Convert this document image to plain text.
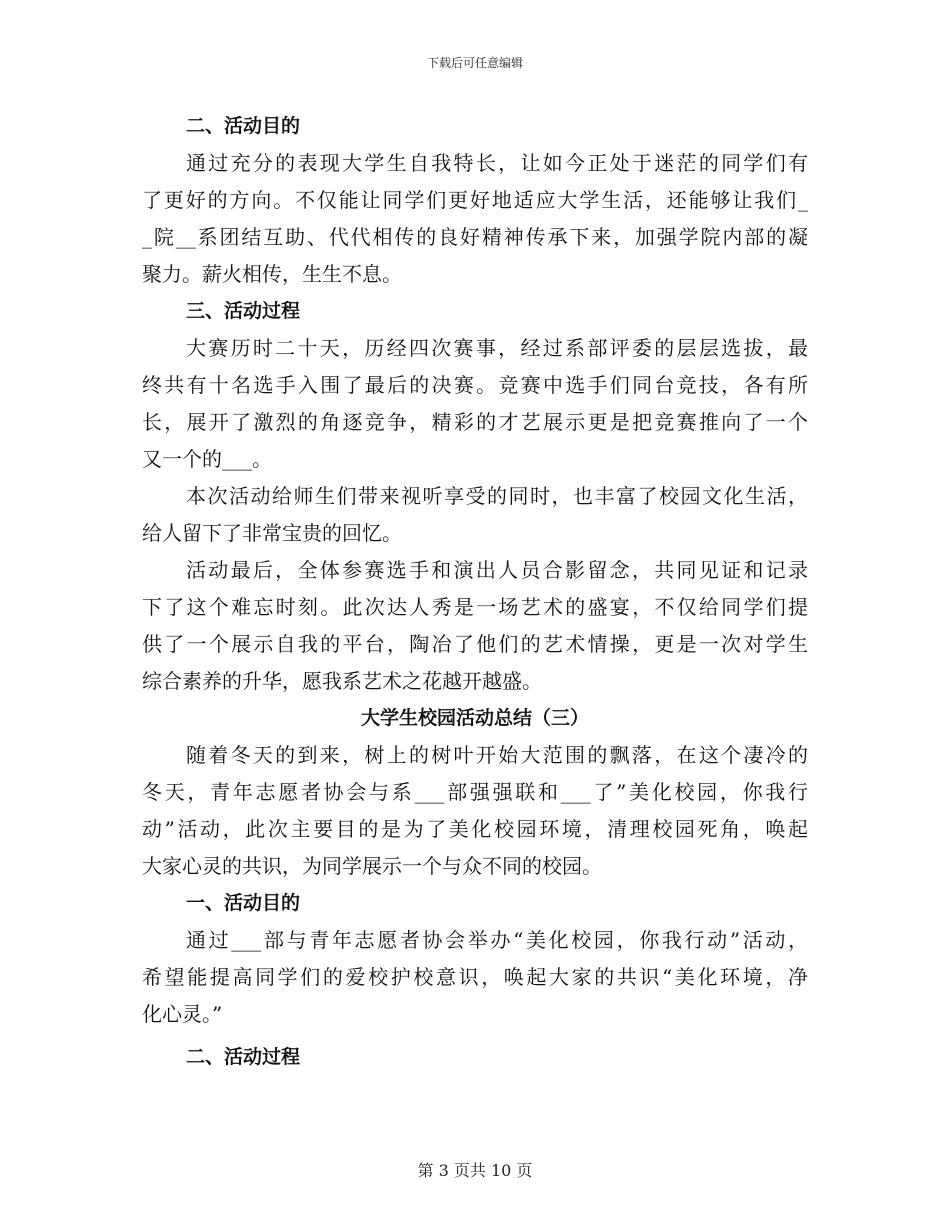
下载后可任意编辑
二、活动目的
通过充分的表现大学生自我特长，让如今正处于迷茫的同学们有
了更好的方向。不仅能让同学们更好地适应大学生活，还能够让我们_
_院__系团结互助、代代相传的良好精神传承下来，加强学院内部的凝
聚力。薪火相传，生生不息。
三、活动过程
大赛历时二十天，历经四次赛事，经过系部评委的层层选拔，最
终共有十名选手入围了最后的决赛。竞赛中选手们同台竞技，各有所
长，展开了激烈的角逐竞争，精彩的才艺展示更是把竞赛推向了一个
又一个的___。
本次活动给师生们带来视听享受的同时，也丰富了校园文化生活，
给人留下了非常宝贵的回忆。
活动最后，全体参赛选手和演出人员合影留念，共同见证和记录
下了这个难忘时刻。此次达人秀是一场艺术的盛宴，不仅给同学们提
供了一个展示自我的平台，陶冶了他们的艺术情操，更是一次对学生
综合素养的升华，愿我系艺术之花越开越盛。
大学生校园活动总结（三）
随着冬天的到来，树上的树叶开始大范围的飘落，在这个凄冷的
冬天，青年志愿者协会与系___部强强联和___了”美化校园，你我行
动”活动，此次主要目的是为了美化校园环境，清理校园死角，唤起
大家心灵的共识，为同学展示一个与众不同的校园。
一、活动目的
通过___部与青年志愿者协会举办“美化校园，你我行动”活动，
希望能提高同学们的爱校护校意识，唤起大家的共识“美化环境，净
化心灵。”
二、活动过程
第 3 页共 10 页
